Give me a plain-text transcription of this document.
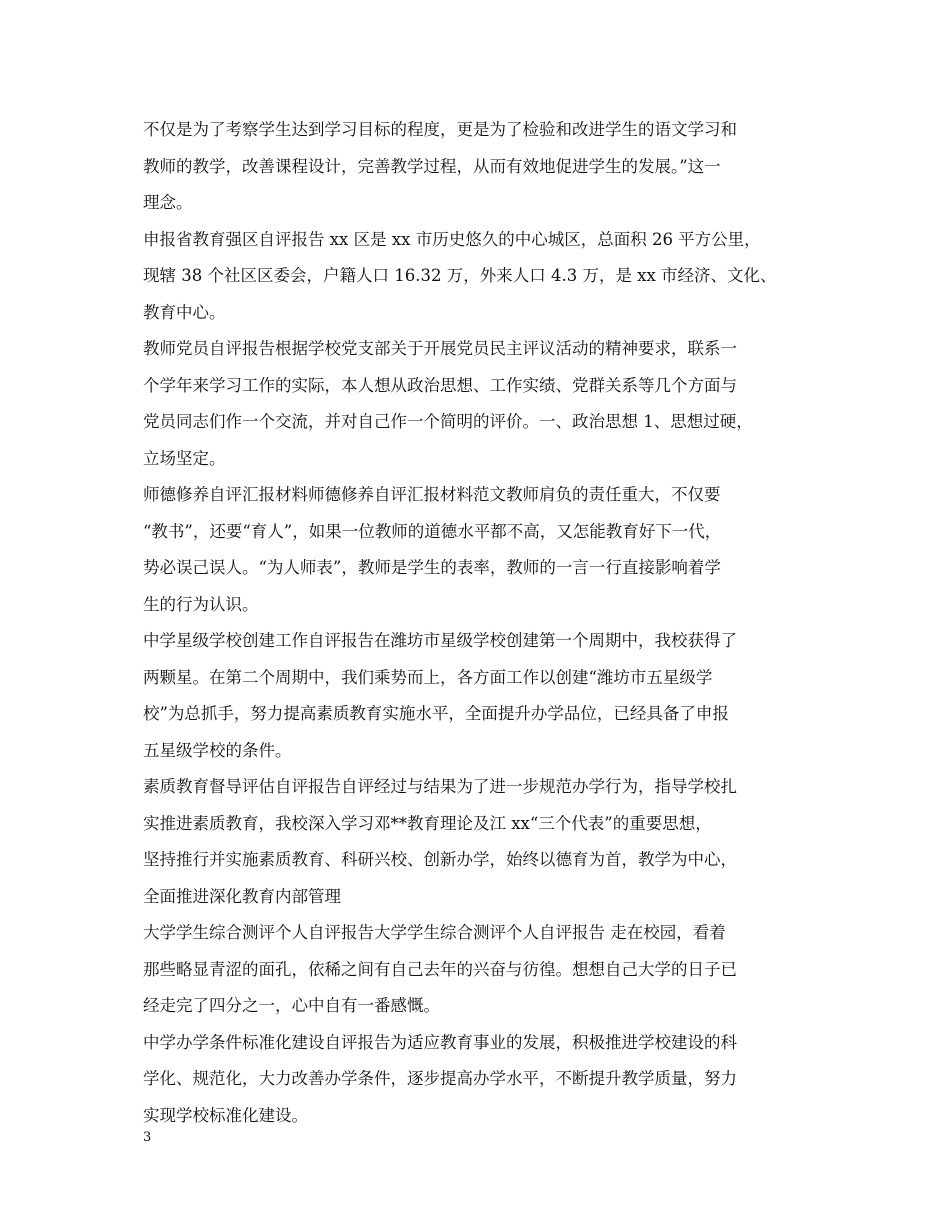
不仅是为了考察学生达到学习目标的程度，更是为了检验和改进学生的语文学习和
教师的教学，改善课程设计，完善教学过程，从而有效地促进学生的发展。”这一
理念。
申报省教育强区自评报告 xx 区是 xx 市历史悠久的中心城区，总面积 26 平方公里，
现辖 38 个社区区委会，户籍人口 16.32 万，外来人口 4.3 万，是 xx 市经济、文化、
教育中心。
教师党员自评报告根据学校党支部关于开展党员民主评议活动的精神要求，联系一
个学年来学习工作的实际，本人想从政治思想、工作实绩、党群关系等几个方面与
党员同志们作一个交流，并对自己作一个简明的评价。一、政治思想 1、思想过硬，
立场坚定。
师德修养自评汇报材料师德修养自评汇报材料范文教师肩负的责任重大，不仅要
“教书”，还要“育人”，如果一位教师的道德水平都不高，又怎能教育好下一代，
势必误己误人。“为人师表”，教师是学生的表率，教师的一言一行直接影响着学
生的行为认识。
中学星级学校创建工作自评报告在潍坊市星级学校创建第一个周期中，我校获得了
两颗星。在第二个周期中，我们乘势而上，各方面工作以创建“潍坊市五星级学
校”为总抓手，努力提高素质教育实施水平，全面提升办学品位，已经具备了申报
五星级学校的条件。
素质教育督导评估自评报告自评经过与结果为了进一步规范办学行为，指导学校扎
实推进素质教育，我校深入学习邓**教育理论及江 xx“三个代表”的重要思想，
坚持推行并实施素质教育、科研兴校、创新办学，始终以德育为首，教学为中心，
全面推进深化教育内部管理
大学学生综合测评个人自评报告大学学生综合测评个人自评报告 走在校园，看着
那些略显青涩的面孔，依稀之间有自己去年的兴奋与彷徨。想想自己大学的日子已
经走完了四分之一，心中自有一番感慨。
中学办学条件标准化建设自评报告为适应教育事业的发展，积极推进学校建设的科
学化、规范化，大力改善办学条件，逐步提高办学水平，不断提升教学质量，努力
实现学校标准化建设。
3
